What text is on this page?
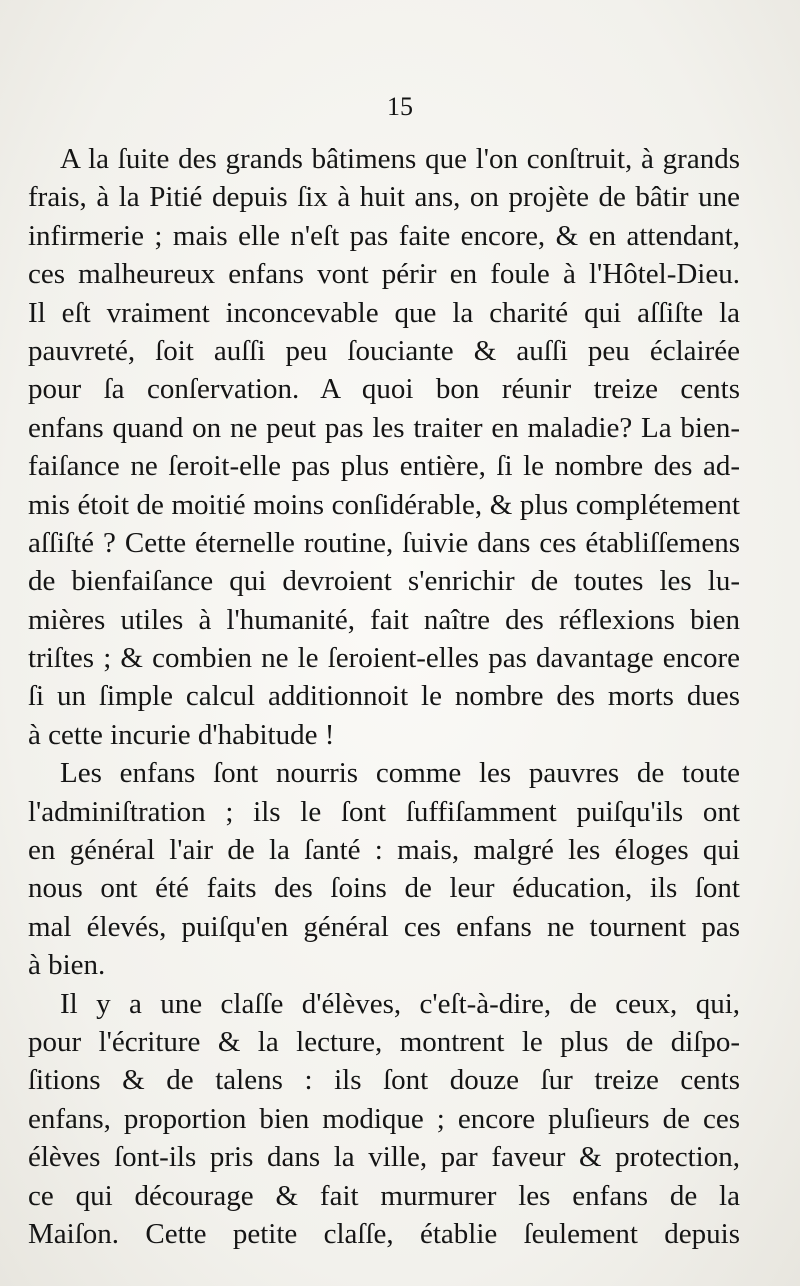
15
A la ſuite des grands bâtimens que l'on conſtruit, à grands
frais, à la Pitié depuis ſix à huit ans, on projète de bâtir une
infirmerie ; mais elle n'eſt pas faite encore, & en attendant,
ces malheureux enfans vont périr en foule à l'Hôtel-Dieu.
Il eſt vraiment inconcevable que la charité qui aſſiſte la
pauvreté, ſoit auſſi peu ſouciante & auſſi peu éclairée
pour ſa conſervation. A quoi bon réunir treize cents
enfans quand on ne peut pas les traiter en maladie? La bien-
faiſance ne ſeroit-elle pas plus entière, ſi le nombre des ad-
mis étoit de moitié moins conſidérable, & plus complétement
aſſiſté ? Cette éternelle routine, ſuivie dans ces établiſſemens
de bienfaiſance qui devroient s'enrichir de toutes les lu-
mières utiles à l'humanité, fait naître des réflexions bien
triſtes ; & combien ne le ſeroient-elles pas davantage encore
ſi un ſimple calcul additionnoit le nombre des morts dues
à cette incurie d'habitude !
Les enfans ſont nourris comme les pauvres de toute
l'adminiſtration ; ils le ſont ſuffiſamment puiſqu'ils ont
en général l'air de la ſanté : mais, malgré les éloges qui
nous ont été faits des ſoins de leur éducation, ils ſont
mal élevés, puiſqu'en général ces enfans ne tournent pas
à bien.
Il y a une claſſe d'élèves, c'eſt-à-dire, de ceux, qui,
pour l'écriture & la lecture, montrent le plus de diſpo-
ſitions & de talens : ils ſont douze ſur treize cents
enfans, proportion bien modique ; encore pluſieurs de ces
élèves ſont-ils pris dans la ville, par faveur & protection,
ce qui décourage & fait murmurer les enfans de la
Maiſon. Cette petite claſſe, établie ſeulement depuis
